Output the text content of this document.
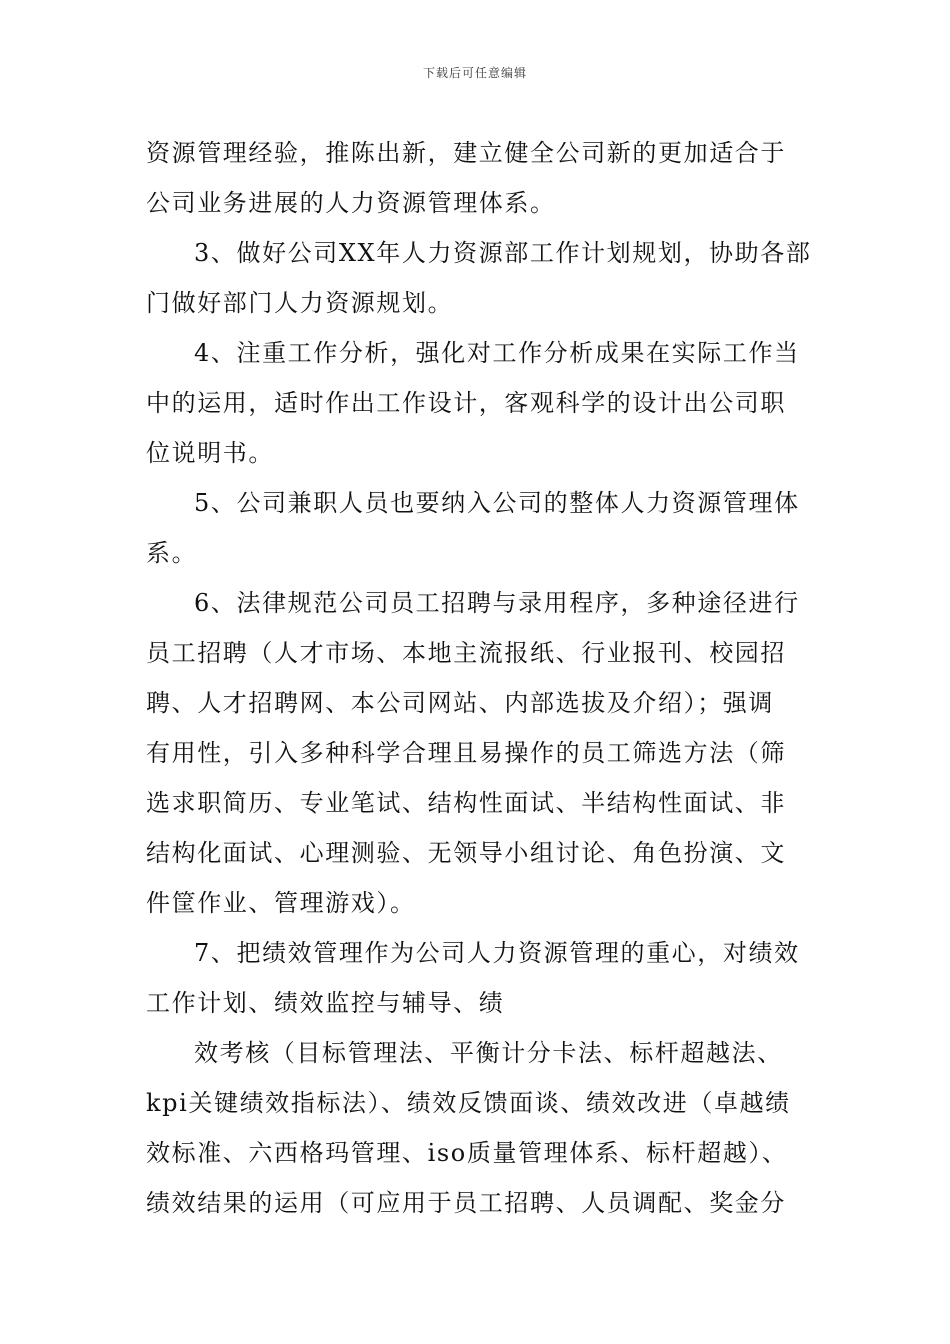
下载后可任意编辑

资源管理经验，推陈出新，建立健全公司新的更加适合于
公司业务进展的人力资源管理体系。

3、做好公司XX年人力资源部工作计划规划，协助各部
门做好部门人力资源规划。

4、注重工作分析，强化对工作分析成果在实际工作当
中的运用，适时作出工作设计，客观科学的设计出公司职
位说明书。

5、公司兼职人员也要纳入公司的整体人力资源管理体
系。

6、法律规范公司员工招聘与录用程序，多种途径进行
员工招聘（人才市场、本地主流报纸、行业报刊、校园招
聘、人才招聘网、本公司网站、内部选拔及介绍）；强调
有用性，引入多种科学合理且易操作的员工筛选方法（筛
选求职简历、专业笔试、结构性面试、半结构性面试、非
结构化面试、心理测验、无领导小组讨论、角色扮演、文
件筐作业、管理游戏）。

7、把绩效管理作为公司人力资源管理的重心，对绩效
工作计划、绩效监控与辅导、绩

效考核（目标管理法、平衡计分卡法、标杆超越法、
kpi关键绩效指标法）、绩效反馈面谈、绩效改进（卓越绩
效标准、六西格玛管理、iso质量管理体系、标杆超越）、
绩效结果的运用（可应用于员工招聘、人员调配、奖金分
